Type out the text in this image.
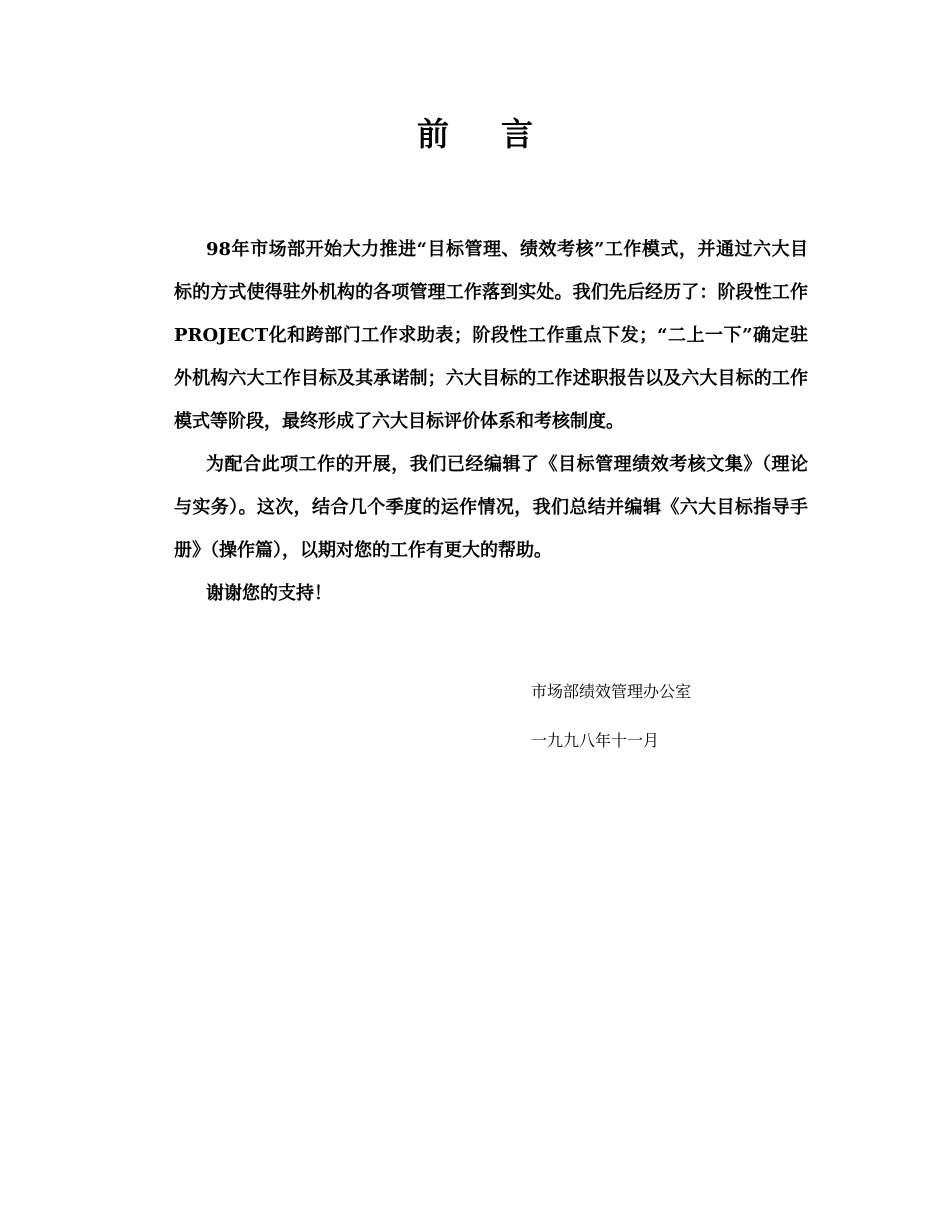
前 言

98年市场部开始大力推进“目标管理、绩效考核”工作模式，并通过六大目标的方式使得驻外机构的各项管理工作落到实处。我们先后经历了：阶段性工作PROJECT化和跨部门工作求助表；阶段性工作重点下发；“二上一下”确定驻外机构六大工作目标及其承诺制；六大目标的工作述职报告以及六大目标的工作模式等阶段，最终形成了六大目标评价体系和考核制度。

为配合此项工作的开展，我们已经编辑了《目标管理绩效考核文集》（理论与实务）。这次，结合几个季度的运作情况，我们总结并编辑《六大目标指导手册》（操作篇），以期对您的工作有更大的帮助。

谢谢您的支持！

市场部绩效管理办公室
一九九八年十一月
